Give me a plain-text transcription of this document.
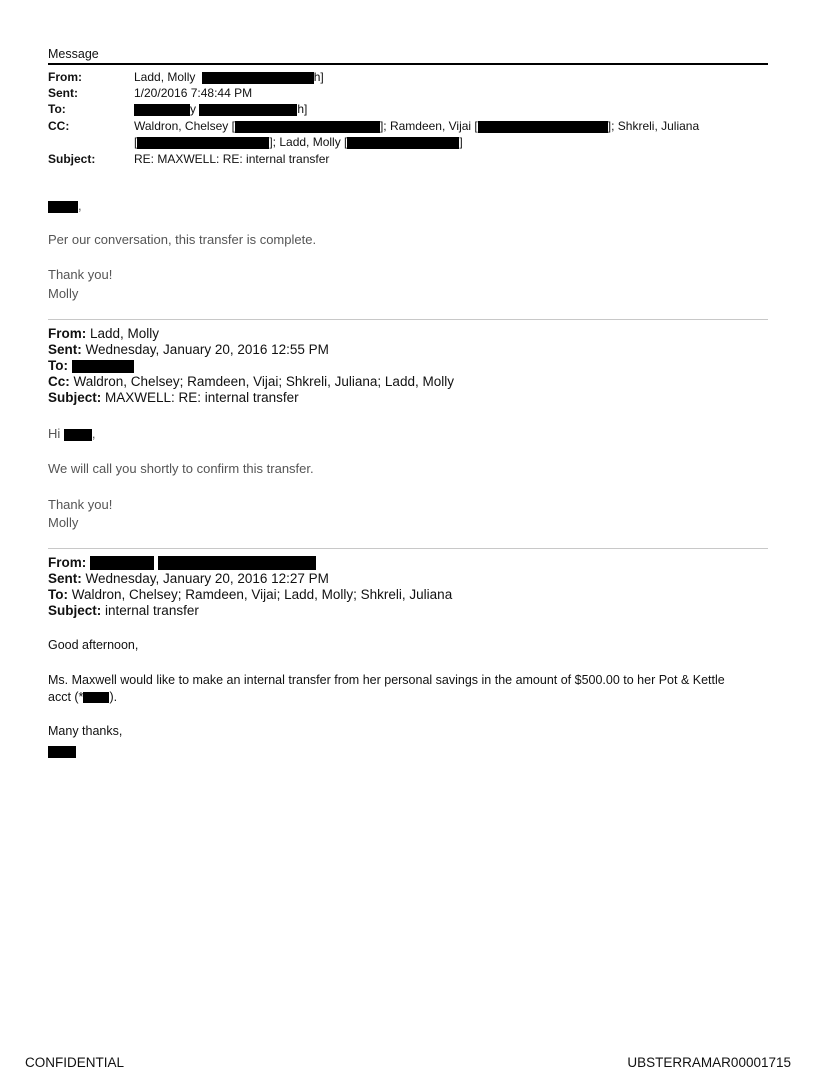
Message
From:	Ladd, Molly	h]
Sent:	1/20/2016 7:48:44 PM
To:	y	h]
CC:	Waldron, Chelsey [	]; Ramdeen, Vijai [	]; Shkreli, Juliana
[	]; Ladd, Molly [	]
Subject:	RE: MAXWELL: RE: internal transfer
,
Per our conversation, this transfer is complete.
Thank you!
Molly
From: Ladd, Molly
Sent: Wednesday, January 20, 2016 12:55 PM
To:
Cc: Waldron, Chelsey; Ramdeen, Vijai; Shkreli, Juliana; Ladd, Molly
Subject: MAXWELL: RE: internal transfer
Hi ,
We will call you shortly to confirm this transfer.
Thank you!
Molly
From:
Sent: Wednesday, January 20, 2016 12:27 PM
To: Waldron, Chelsey; Ramdeen, Vijai; Ladd, Molly; Shkreli, Juliana
Subject: internal transfer
Good afternoon,
Ms. Maxwell would like to make an internal transfer from her personal savings in the amount of $500.00 to her Pot & Kettle
acct (* ).
Many thanks,
CONFIDENTIAL	UBSTERRAMAR00001715
